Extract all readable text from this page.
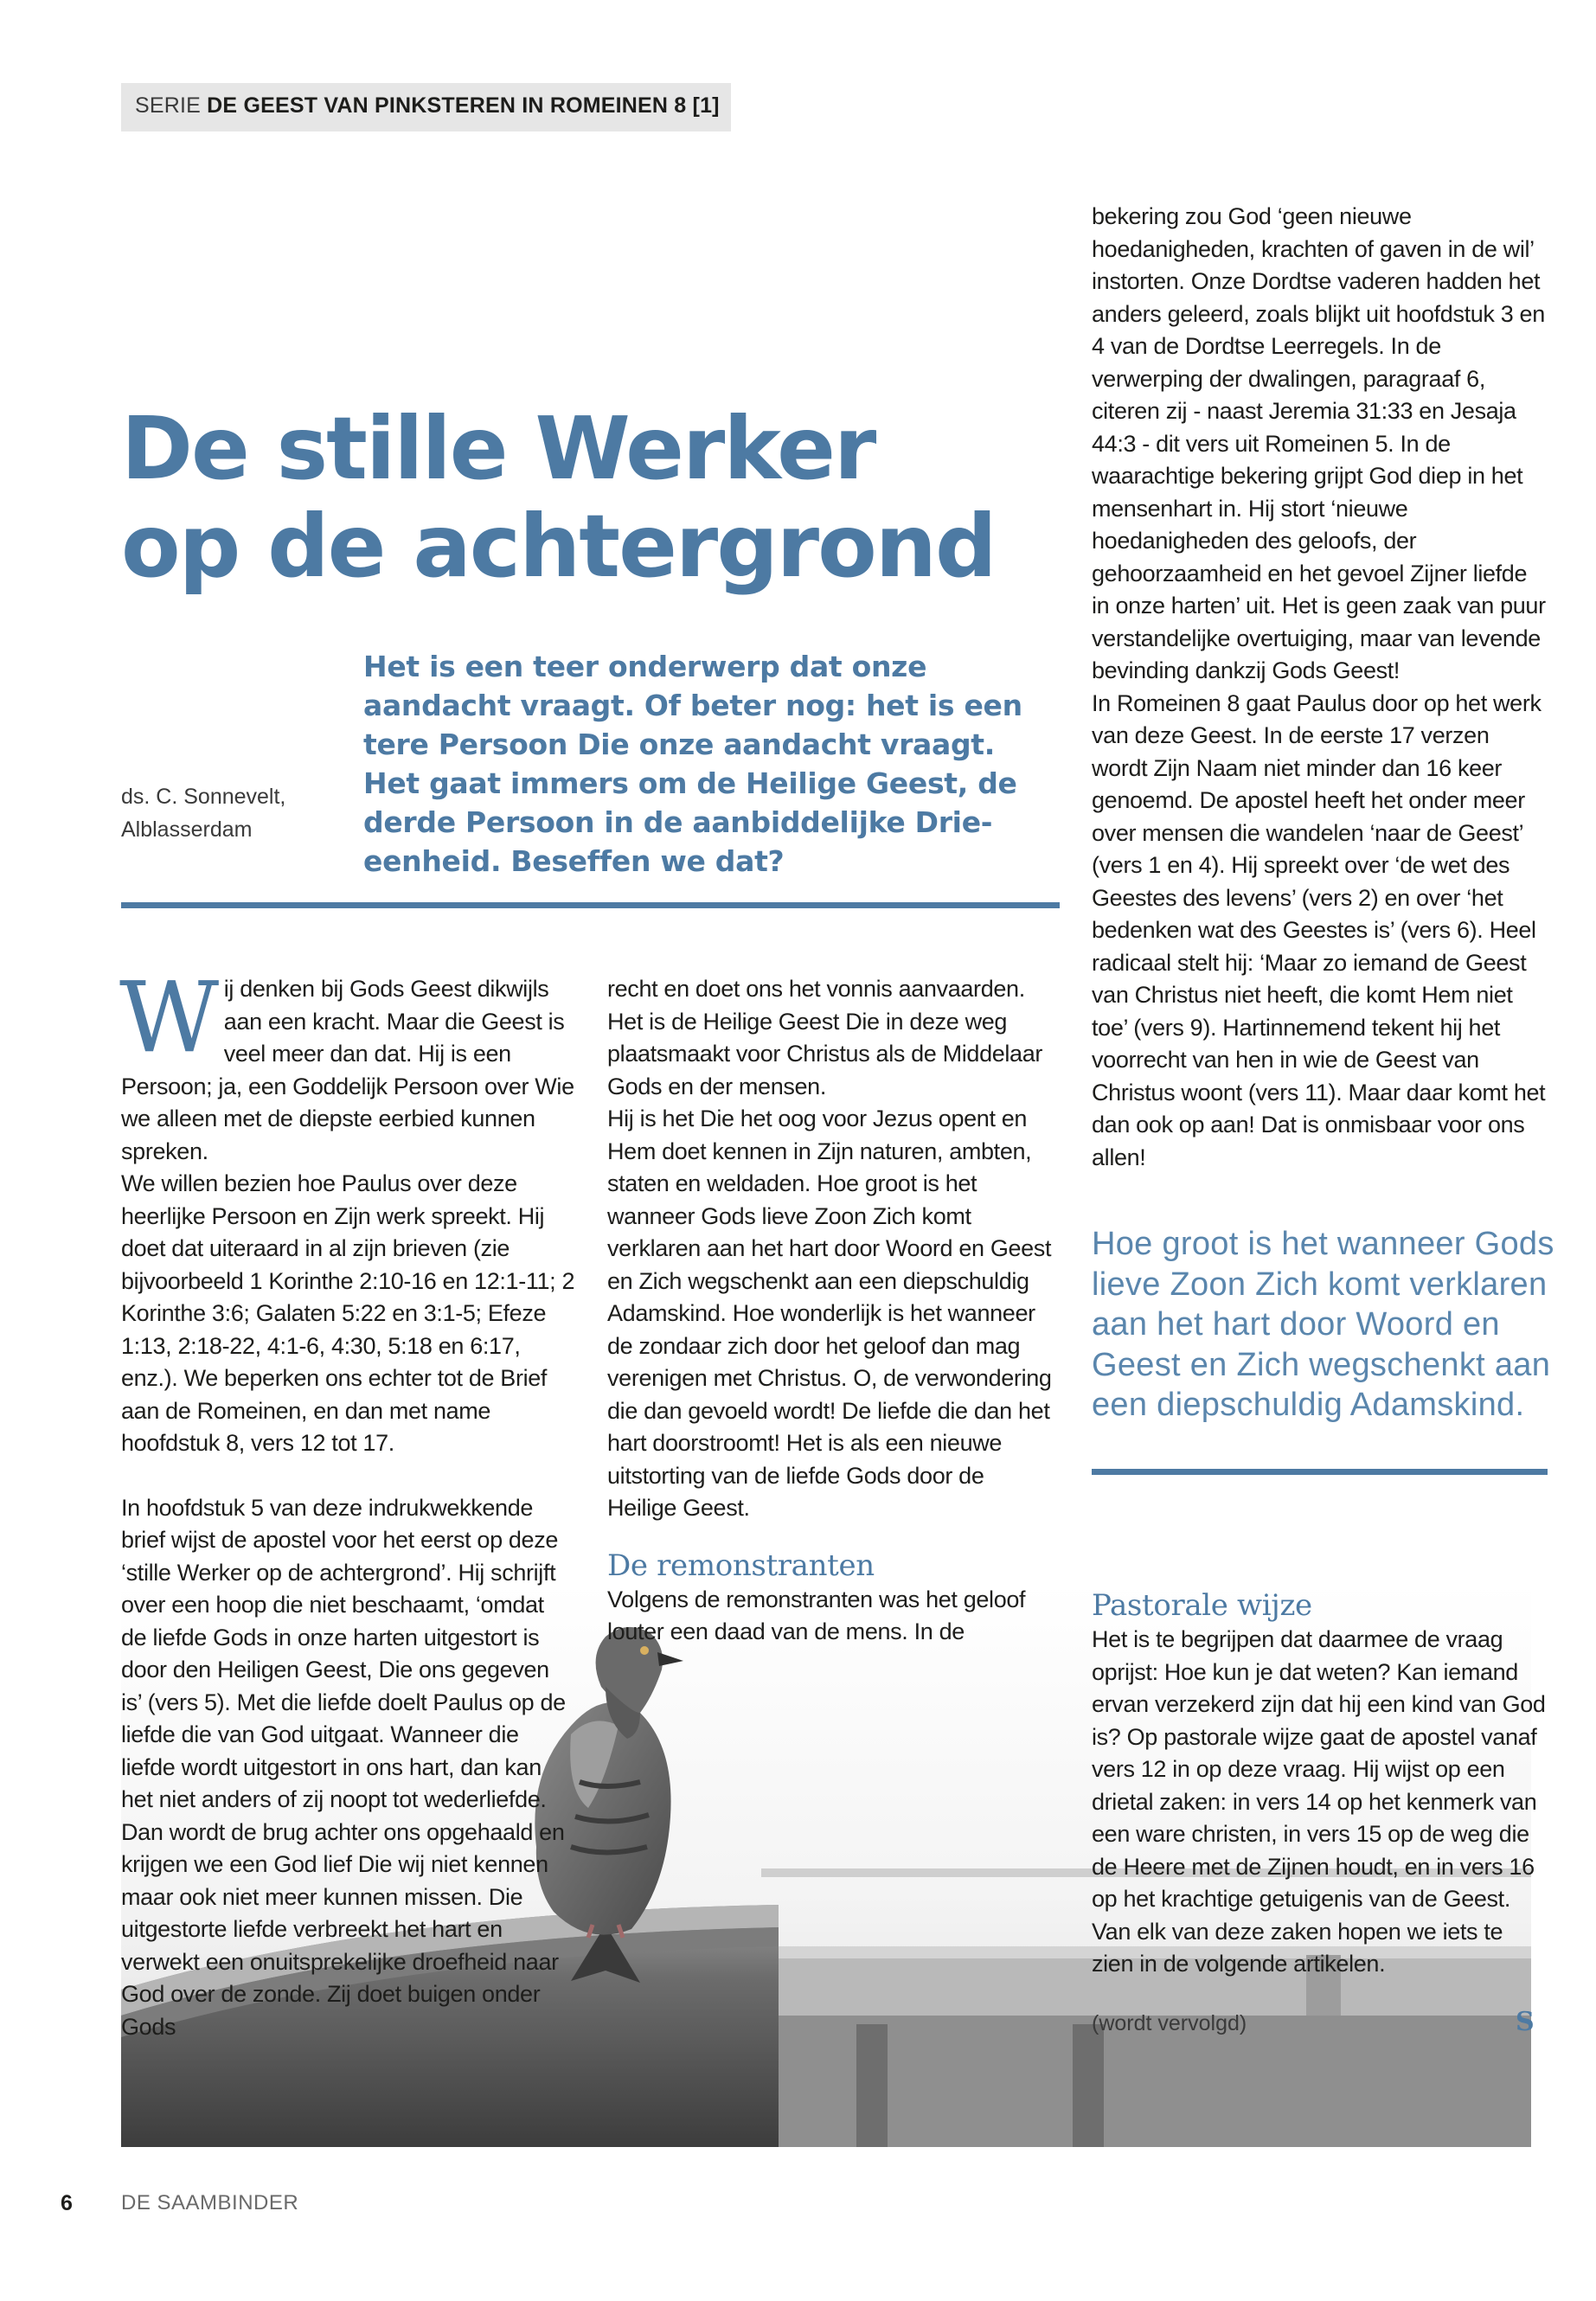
SERIE DE GEEST VAN PINKSTEREN IN ROMEINEN 8 [1]
De stille Werker
op de achtergrond
ds. C. Sonnevelt,
Alblasserdam
Het is een teer onderwerp dat onze aandacht vraagt. Of beter nog: het is een tere Persoon Die onze aandacht vraagt. Het gaat immers om de Heilige Geest, de derde Persoon in de aanbiddelijke Drie-eenheid. Beseffen we dat?

Wij denken bij Gods Geest dikwijls aan een kracht. Maar die Geest is veel meer dan dat. Hij is een Persoon; ja, een Goddelijk Persoon over Wie we alleen met de diepste eerbied kunnen spreken.

We willen bezien hoe Paulus over deze heerlijke Persoon en Zijn werk spreekt. Hij doet dat uiteraard in al zijn brieven (zie bijvoorbeeld 1 Korinthe 2:10-16 en 12:1-11; 2 Korinthe 3:6; Galaten 5:22 en 3:1-5; Efeze 1:13, 2:18-22, 4:1-6, 4:30, 5:18 en 6:17, enz.). We beperken ons echter tot de Brief aan de Romeinen, en dan met name hoofdstuk 8, vers 12 tot 17.

In hoofdstuk 5 van deze indrukwekkende brief wijst de apostel voor het eerst op deze ‘stille Werker op de achtergrond’. Hij schrijft over een hoop die niet beschaamt, ‘omdat de liefde Gods in onze harten uitgestort is door den Heiligen Geest, Die ons gegeven is’ (vers 5). Met die liefde doelt Paulus op de liefde die van God uitgaat. Wanneer die liefde wordt uitgestort in ons hart, dan kan het niet anders of zij noopt tot wederliefde. Dan wordt de brug achter ons opgehaald en krijgen we een God lief Die wij niet kennen maar ook niet meer kunnen missen. Die uitgestorte liefde verbreekt het hart en verwekt een onuitsprekelijke droefheid naar God over de zonde. Zij doet buigen onder Gods

recht en doet ons het vonnis aanvaarden. Het is de Heilige Geest Die in deze weg plaatsmaakt voor Christus als de Middelaar Gods en der mensen.

Hij is het Die het oog voor Jezus opent en Hem doet kennen in Zijn naturen, ambten, staten en weldaden. Hoe groot is het wanneer Gods lieve Zoon Zich komt verklaren aan het hart door Woord en Geest en Zich wegschenkt aan een diepschuldig Adamskind. Hoe wonderlijk is het wanneer de zondaar zich door het geloof dan mag verenigen met Christus. O, de verwondering die dan gevoeld wordt! De liefde die dan het hart doorstroomt! Het is als een nieuwe uitstorting van de liefde Gods door de Heilige Geest.

De remonstranten

Volgens de remonstranten was het geloof louter een daad van de mens. In de

bekering zou God ‘geen nieuwe hoedanigheden, krachten of gaven in de wil’ instorten. Onze Dordtse vaderen hadden het anders geleerd, zoals blijkt uit hoofdstuk 3 en 4 van de Dordtse Leerregels. In de verwerping der dwalingen, paragraaf 6, citeren zij - naast Jeremia 31:33 en Jesaja 44:3 - dit vers uit Romeinen 5. In de waarachtige bekering grijpt God diep in het mensenhart in. Hij stort ‘nieuwe hoedanigheden des geloofs, der gehoorzaamheid en het gevoel Zijner liefde in onze harten’ uit. Het is geen zaak van puur verstandelijke overtuiging, maar van levende bevinding dankzij Gods Geest!

In Romeinen 8 gaat Paulus door op het werk van deze Geest. In de eerste 17 verzen wordt Zijn Naam niet minder dan 16 keer genoemd. De apostel heeft het onder meer over mensen die wandelen ‘naar de Geest’ (vers 1 en 4). Hij spreekt over ‘de wet des Geestes des levens’ (vers 2) en over ‘het bedenken wat des Geestes is’ (vers 6). Heel radicaal stelt hij: ‘Maar zo iemand de Geest van Christus niet heeft, die komt Hem niet toe’ (vers 9). Hartinnemend tekent hij het voorrecht van hen in wie de Geest van Christus woont (vers 11). Maar daar komt het dan ook op aan! Dat is onmisbaar voor ons allen!

Hoe groot is het wanneer Gods lieve Zoon Zich komt verklaren aan het hart door Woord en Geest en Zich wegschenkt aan een diepschuldig Adamskind.
Pastorale wijze

Het is te begrijpen dat daarmee de vraag oprijst: Hoe kun je dat weten? Kan iemand ervan verzekerd zijn dat hij een kind van God is? Op pastorale wijze gaat de apostel vanaf vers 12 in op deze vraag. Hij wijst op een drietal zaken: in vers 14 op het kenmerk van een ware christen, in vers 15 op de weg die de Heere met de Zijnen houdt, en in vers 16 op het krachtige getuigenis van de Geest. Van elk van deze zaken hopen we iets te zien in de volgende artikelen.

(wordt vervolgd)	S
6 DE SAAMBINDER
